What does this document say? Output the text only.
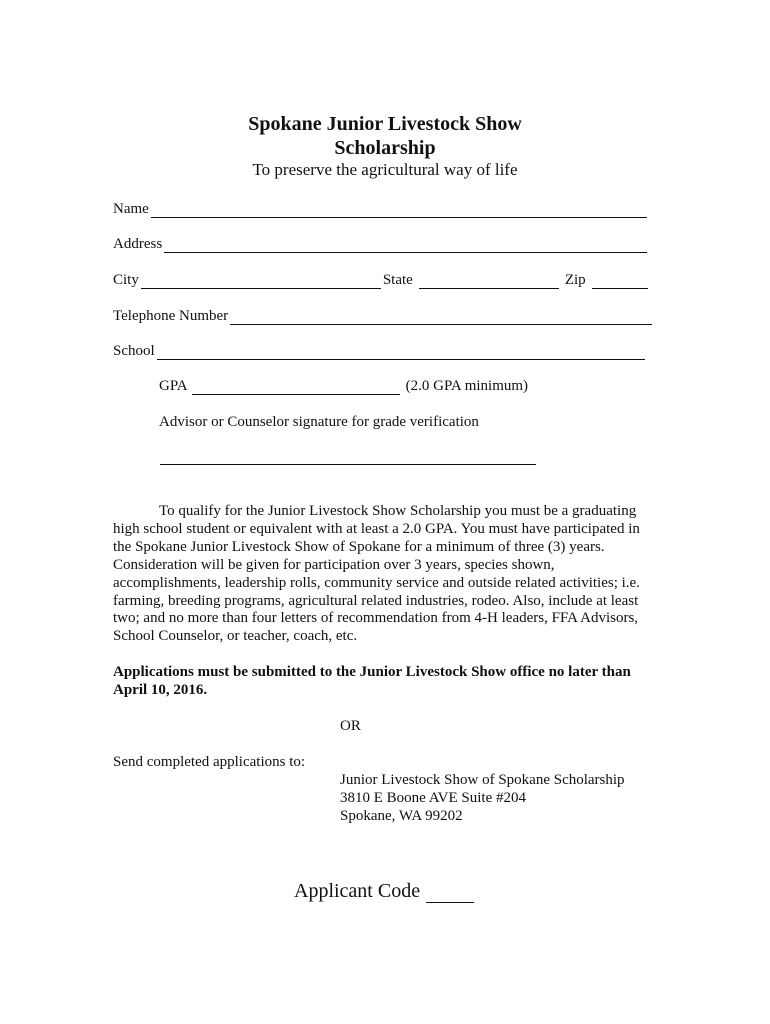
Spokane Junior Livestock Show
Scholarship
To preserve the agricultural way of life
Name
Address
City	State	Zip
Telephone Number
School
GPA	(2.0 GPA minimum)
Advisor or Counselor signature for grade verification
To qualify for the Junior Livestock Show Scholarship you must be a graduating high school student or equivalent with at least a 2.0 GPA. You must have participated in the Spokane Junior Livestock Show of Spokane for a minimum of three (3) years. Consideration will be given for participation over 3 years, species shown, accomplishments, leadership rolls, community service and outside related activities; i.e. farming, breeding programs, agricultural related industries, rodeo. Also, include at least two; and no more than four letters of recommendation from 4-H leaders, FFA Advisors, School Counselor, or teacher, coach, etc.
Applications must be submitted to the Junior Livestock Show office no later than
April 10, 2016.
OR
Send completed applications to:
Junior Livestock Show of Spokane Scholarship
3810 E Boone AVE Suite #204
Spokane, WA 99202
Applicant Code
